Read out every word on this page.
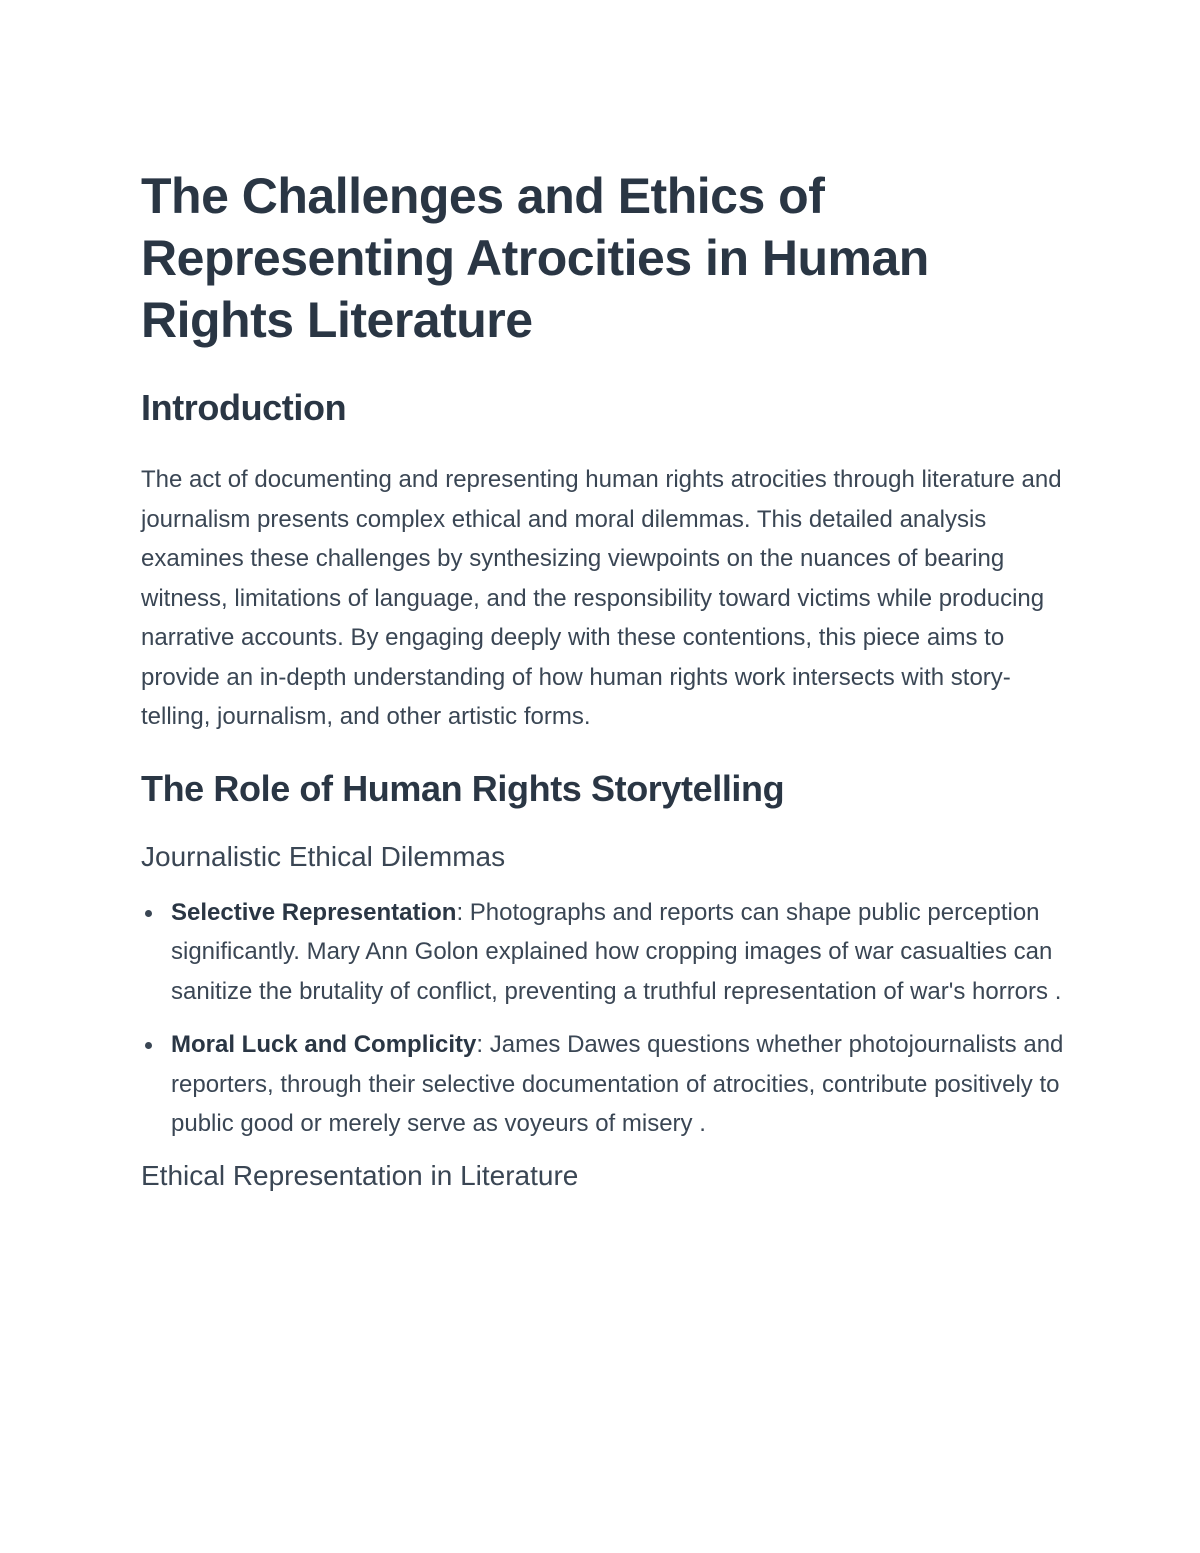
The Challenges and Ethics of Representing Atrocities in Human Rights Literature
Introduction

The act of documenting and representing human rights atrocities through literature and journalism presents complex ethical and moral dilemmas. This detailed analysis examines these challenges by synthesizing viewpoints on the nuances of bearing witness, limitations of language, and the responsibility toward victims while producing narrative accounts. By engaging deeply with these contentions, this piece aims to provide an in-depth understanding of how human rights work intersects with story-telling, journalism, and other artistic forms.

The Role of Human Rights Storytelling
Journalistic Ethical Dilemmas
Selective Representation: Photographs and reports can shape public perception significantly. Mary Ann Golon explained how cropping images of war casualties can sanitize the brutality of conflict, preventing a truthful representation of war's horrors .
Moral Luck and Complicity: James Dawes questions whether photojournalists and reporters, through their selective documentation of atrocities, contribute positively to public good or merely serve as voyeurs of misery .
Ethical Representation in Literature
